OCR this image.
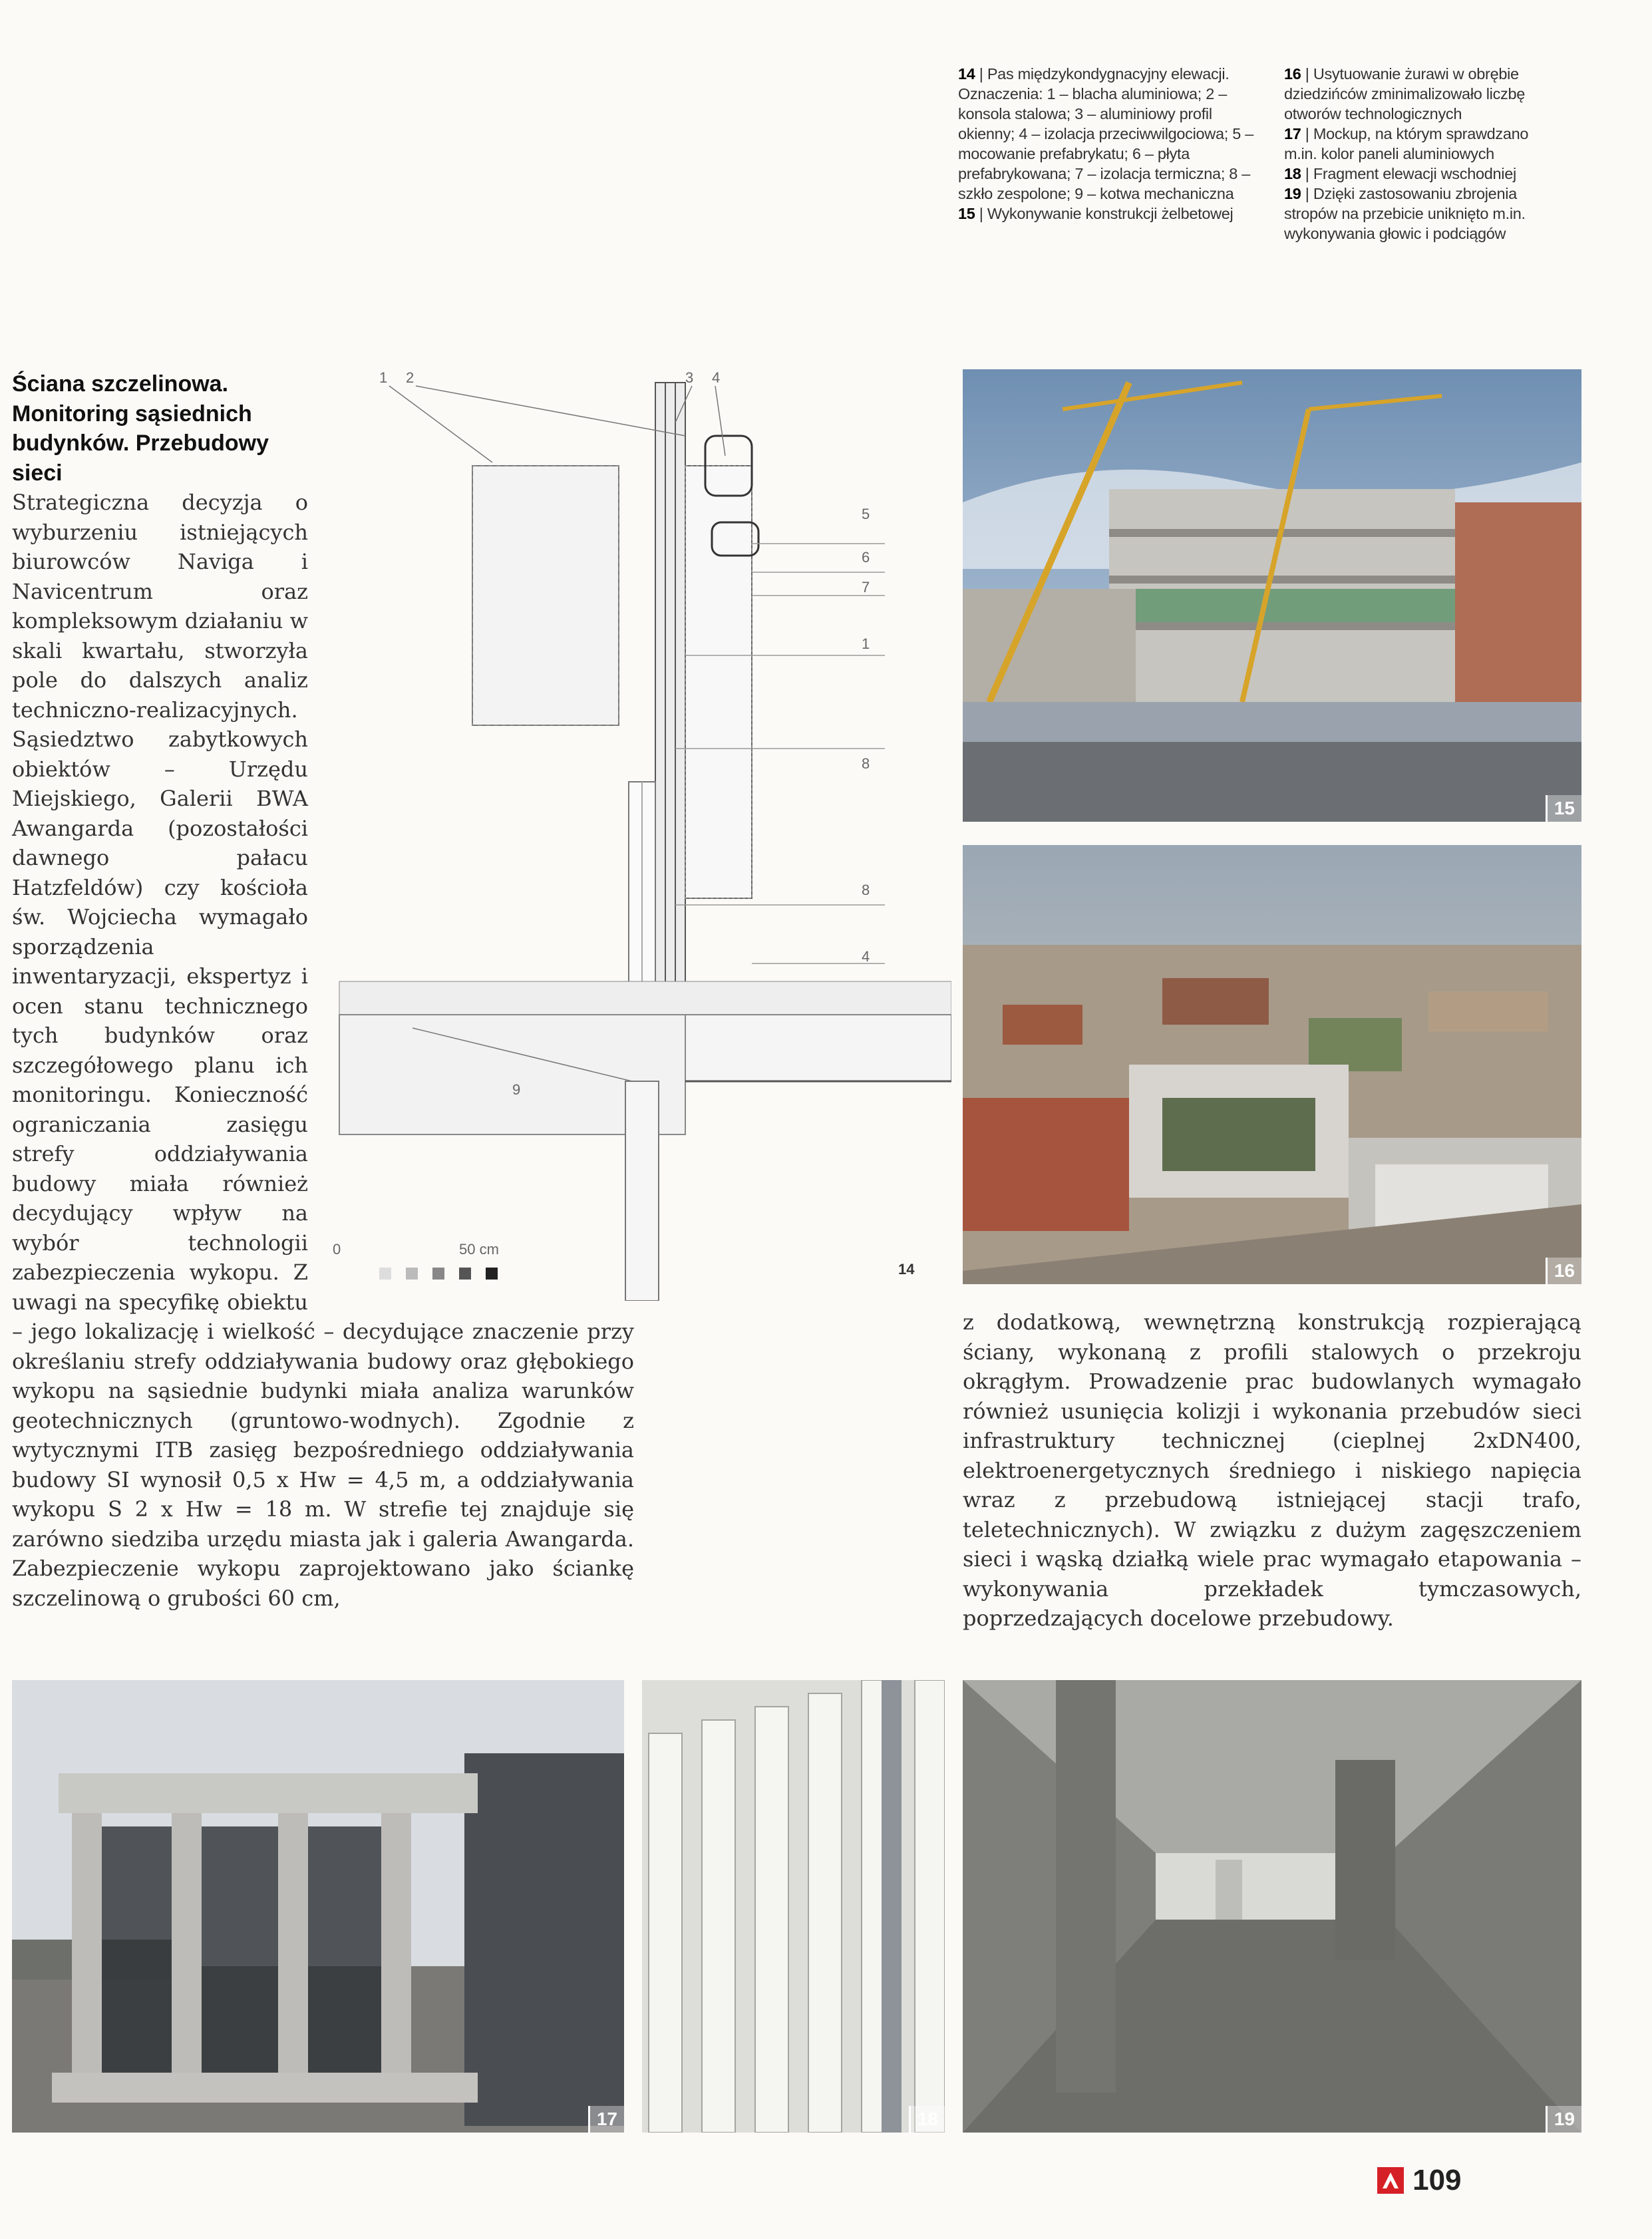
14 | Pas międzykondygnacyjny elewacji. Oznaczenia: 1 – blacha aluminiowa; 2 – konsola stalowa; 3 – aluminiowy profil okienny; 4 – izolacja przeciwwilgociowa; 5 – mocowanie prefabrykatu; 6 – płyta prefabrykowana; 7 – izolacja termiczna; 8 – szkło zespolone; 9 – kotwa mechaniczna

15 | Wykonywanie konstrukcji żelbetowej

16 | Usytuowanie żurawi w obrębie dziedzińców zminimalizowało liczbę otworów technologicznych

17 | Mockup, na którym sprawdzano m.in. kolor paneli aluminiowych

18 | Fragment elewacji wschodniej

19 | Dzięki zastosowaniu zbrojenia stropów na przebicie uniknięto m.in. wykonywania głowic i podciągów

Ściana szczelinowa. Monitoring sąsiednich budynków. Przebudowy sieci

Strategiczna decyzja o wyburzeniu istniejących biurowców Naviga i Navicentrum oraz kompleksowym działaniu w skali kwartału, stworzyła pole do dalszych analiz techniczno-realizacyjnych. Sąsiedztwo zabytkowych obiektów – Urzędu Miejskiego, Galerii BWA Awangarda (pozostałości dawnego pałacu Hatzfeldów) czy kościoła św. Wojciecha wymagało sporządzenia inwentaryzacji, ekspertyz i ocen stanu technicznego tych budynków oraz szczegółowego planu ich monitoringu. Konieczność ograniczania zasięgu strefy oddziaływania budowy miała również decydujący wpływ na wybór technologii zabezpieczenia wykopu. Z uwagi na specyfikę obiektu – jego lokalizację i wielkość – decydujące znaczenie przy określaniu strefy oddziaływania budowy oraz głębokiego wykopu na sąsiednie budynki miała analiza warunków geotechnicznych (gruntowo-wodnych). Zgodnie z wytycznymi ITB zasięg bezpośredniego oddziaływania budowy SI wynosił 0,5 x Hw = 4,5 m, a oddziaływania wykopu S 2 x Hw = 18 m. W strefie tej znajduje się zarówno siedziba urzędu miasta jak i galeria Awangarda. Zabezpieczenie wykopu zaprojektowano jako ściankę szczelinową o grubości 60 cm,

z dodatkową, wewnętrzną konstrukcją rozpierającą ściany, wykonaną z profili stalowych o przekroju okrągłym. Prowadzenie prac budowlanych wymagało również usunięcia kolizji i wykonania przebudów sieci infrastruktury technicznej (cieplnej 2xDN400, elektroenergetycznych średniego i niskiego napięcia wraz z przebudową istniejącej stacji trafo, teletechnicznych). W związku z dużym zagęszczeniem sieci i wąską działką wiele prac wymagało etapowania – wykonywania przekładek tymczasowych, poprzedzających docelowe przebudowy.

1 2	3 4
5
6
7
1
8
8
4
9
0	50 cm
14
15
16
17	18	19
109
